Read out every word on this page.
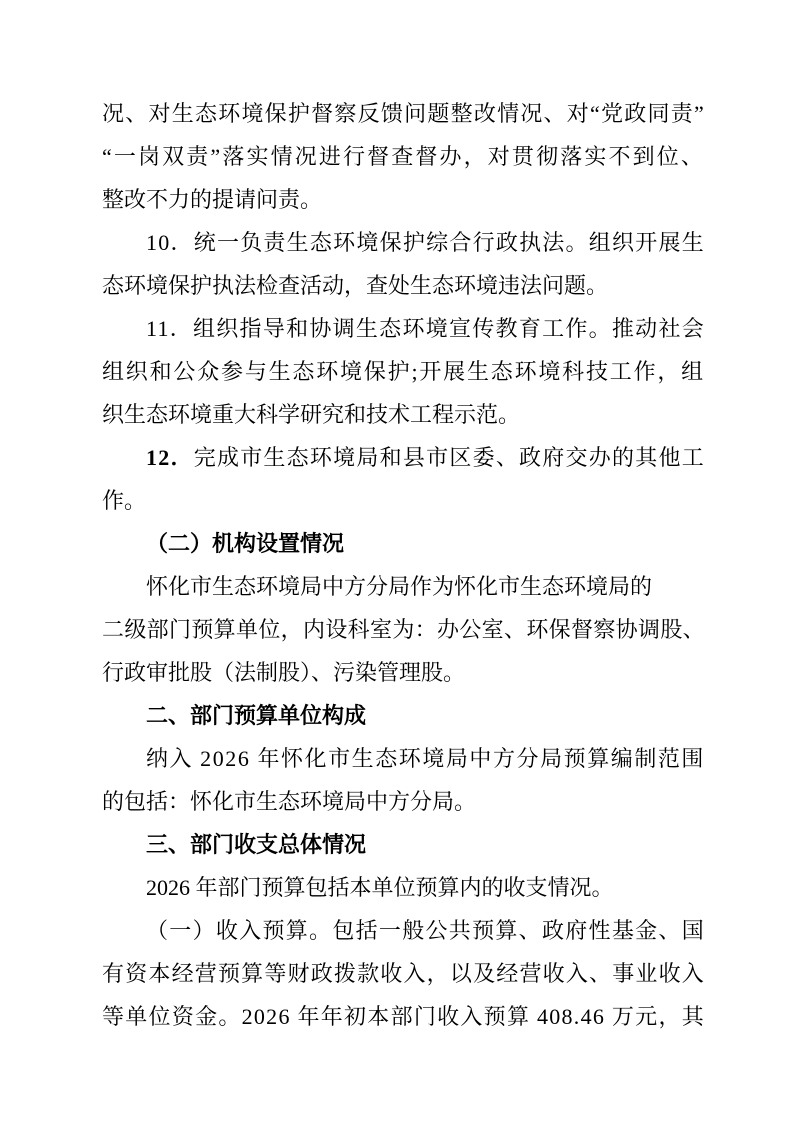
况、对生态环境保护督察反馈问题整改情况、对“党政同责”
“一岗双责”落实情况进行督查督办，对贯彻落实不到位、
整改不力的提请问责。
10．统一负责生态环境保护综合行政执法。组织开展生
态环境保护执法检查活动，查处生态环境违法问题。
11．组织指导和协调生态环境宣传教育工作。推动社会
组织和公众参与生态环境保护;开展生态环境科技工作，组
织生态环境重大科学研究和技术工程示范。
12．完成市生态环境局和县市区委、政府交办的其他工
作。
（二）机构设置情况
怀化市生态环境局中方分局作为怀化市生态环境局的
二级部门预算单位，内设科室为：办公室、环保督察协调股、
行政审批股（法制股）、污染管理股。
二、部门预算单位构成
纳入 2026 年怀化市生态环境局中方分局预算编制范围
的包括：怀化市生态环境局中方分局。
三、部门收支总体情况
2026 年部门预算包括本单位预算内的收支情况。
（一）收入预算。包括一般公共预算、政府性基金、国
有资本经营预算等财政拨款收入，以及经营收入、事业收入
等单位资金。2026 年年初本部门收入预算 408.46 万元，其
